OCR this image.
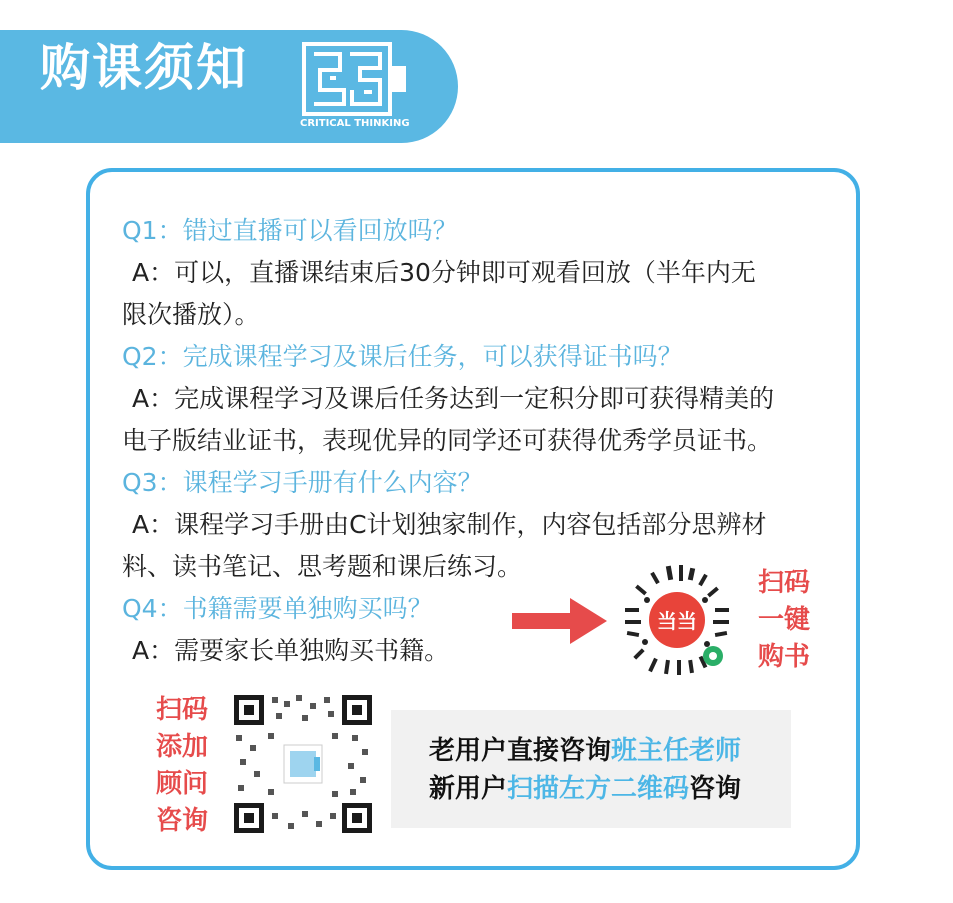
购课须知
CRITICAL THINKING
Q1：错过直播可以看回放吗？
A：可以，直播课结束后30分钟即可观看回放（半年内无
限次播放）。
Q2：完成课程学习及课后任务，可以获得证书吗？
A：完成课程学习及课后任务达到一定积分即可获得精美的
电子版结业证书，表现优异的同学还可获得优秀学员证书。
Q3：课程学习手册有什么内容？
A：课程学习手册由C计划独家制作，内容包括部分思辨材
料、读书笔记、思考题和课后练习。
Q4：书籍需要单独购买吗？
A：需要家长单独购买书籍。
当当
扫码
一键
购书
扫码
添加
顾问
咨询
老用户直接咨询班主任老师
新用户扫描左方二维码咨询
